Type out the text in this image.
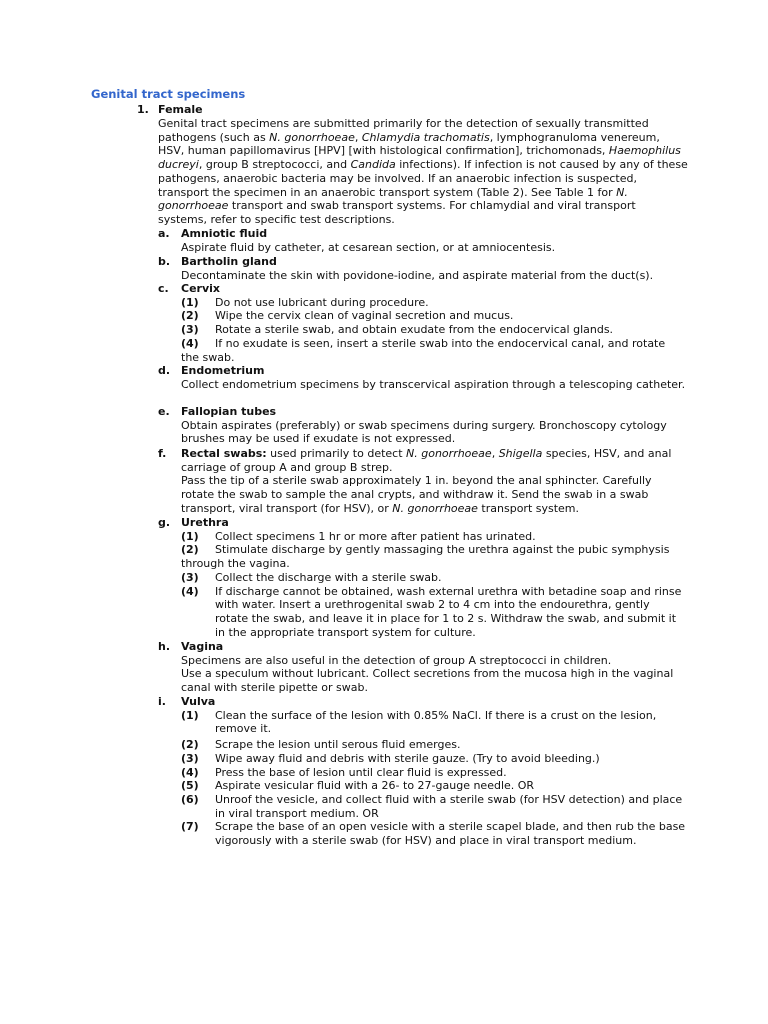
Genital tract specimens
1. Female
Genital tract specimens are submitted primarily for the detection of sexually transmitted pathogens (such as N. gonorrhoeae, Chlamydia trachomatis, lymphogranuloma venereum, HSV, human papillomavirus [HPV] [with histological confirmation], trichomonads, Haemophilus ducreyi, group B streptococci, and Candida infections). If infection is not caused by any of these pathogens, anaerobic bacteria may be involved. If an anaerobic infection is suspected, transport the specimen in an anaerobic transport system (Table 2). See Table 1 for N. gonorrhoeae transport and swab transport systems. For chlamydial and viral transport systems, refer to specific test descriptions.
a. Amniotic fluid
Aspirate fluid by catheter, at cesarean section, or at amniocentesis.
b. Bartholin gland
Decontaminate the skin with povidone-iodine, and aspirate material from the duct(s).
c. Cervix
(1)	Do not use lubricant during procedure.
(2)	Wipe the cervix clean of vaginal secretion and mucus.
(3)	Rotate a sterile swab, and obtain exudate from the endocervical glands.
(4)	If no exudate is seen, insert a sterile swab into the endocervical canal, and rotate the swab.
d. Endometrium
Collect endometrium specimens by transcervical aspiration through a telescoping catheter.
e. Fallopian tubes
Obtain aspirates (preferably) or swab specimens during surgery. Bronchoscopy cytology brushes may be used if exudate is not expressed.
f. Rectal swabs: used primarily to detect N. gonorrhoeae, Shigella species, HSV, and anal carriage of group A and group B strep.
Pass the tip of a sterile swab approximately 1 in. beyond the anal sphincter. Carefully rotate the swab to sample the anal crypts, and withdraw it. Send the swab in a swab transport, viral transport (for HSV), or N. gonorrhoeae transport system.
g. Urethra
(1)	Collect specimens 1 hr or more after patient has urinated.
(2)	Stimulate discharge by gently massaging the urethra against the pubic symphysis through the vagina.
(3)	Collect the discharge with a sterile swab.
(4)	If discharge cannot be obtained, wash external urethra with betadine soap and rinse with water. Insert a urethrogenital swab 2 to 4 cm into the endourethra, gently rotate the swab, and leave it in place for 1 to 2 s. Withdraw the swab, and submit it in the appropriate transport system for culture.
h. Vagina
Specimens are also useful in the detection of group A streptococci in children.
Use a speculum without lubricant. Collect secretions from the mucosa high in the vaginal canal with sterile pipette or swab.
i. Vulva
(1)	Clean the surface of the lesion with 0.85% NaCl. If there is a crust on the lesion, remove it.
(2)	Scrape the lesion until serous fluid emerges.
(3)	Wipe away fluid and debris with sterile gauze. (Try to avoid bleeding.)
(4)	Press the base of lesion until clear fluid is expressed.
(5)	Aspirate vesicular fluid with a 26- to 27-gauge needle. OR
(6)	Unroof the vesicle, and collect fluid with a sterile swab (for HSV detection) and place in viral transport medium. OR
(7)	Scrape the base of an open vesicle with a sterile scapel blade, and then rub the base vigorously with a sterile swab (for HSV) and place in viral transport medium.
